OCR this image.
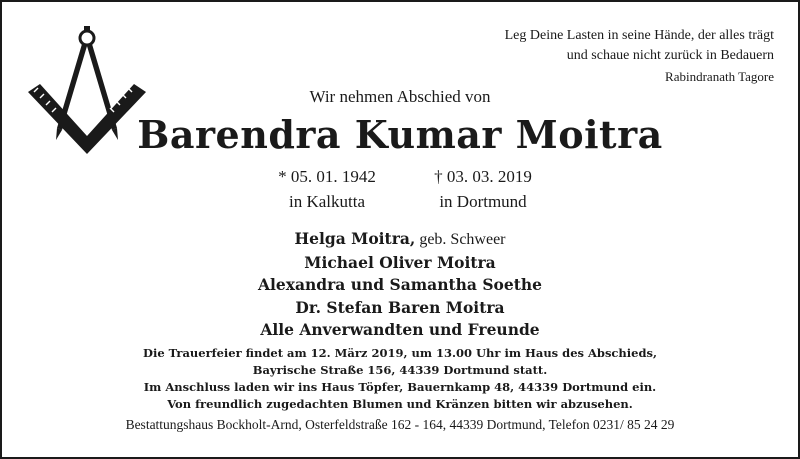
Leg Deine Lasten in seine Hände, der alles trägt
und schaue nicht zurück in Bedauern
Rabindranath Tagore
Wir nehmen Abschied von
Barendra Kumar Moitra
* 05. 01. 1942
in Kalkutta
† 03. 03. 2019
in Dortmund
Helga Moitra, geb. Schweer
Michael Oliver Moitra
Alexandra und Samantha Soethe
Dr. Stefan Baren Moitra
Alle Anverwandten und Freunde
Die Trauerfeier findet am 12. März 2019, um 13.00 Uhr im Haus des Abschieds,
Bayrische Straße 156, 44339 Dortmund statt.
Im Anschluss laden wir ins Haus Töpfer, Bauernkamp 48, 44339 Dortmund ein.
Von freundlich zugedachten Blumen und Kränzen bitten wir abzusehen.
Bestattungshaus Bockholt-Arnd, Osterfeldstraße 162 - 164, 44339 Dortmund, Telefon 0231/ 85 24 29
